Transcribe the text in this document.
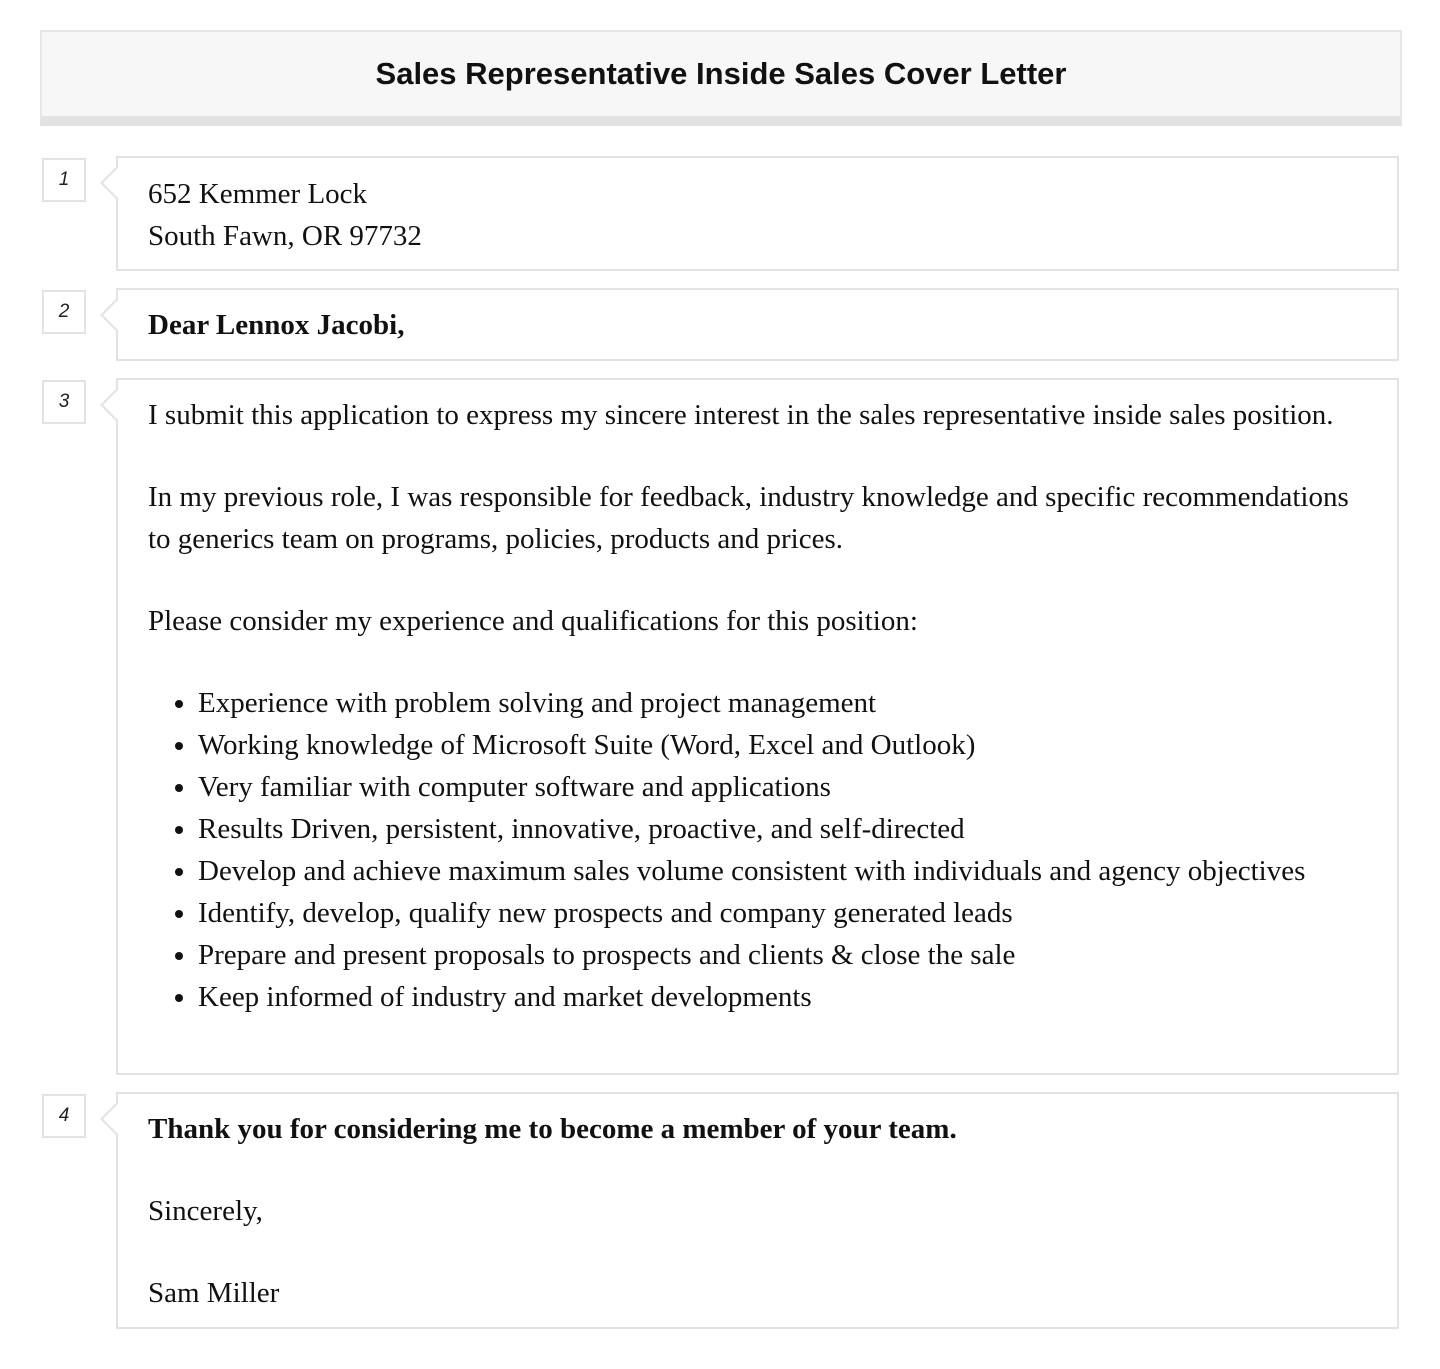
Sales Representative Inside Sales Cover Letter
1	652 Kemmer Lock

South Fawn, OR 97732

2	Dear Lennox Jacobi,

3	I submit this application to express my sincere interest in the sales representative inside sales position.

In my previous role, I was responsible for feedback, industry knowledge and specific recommendations to generics team on programs, policies, products and prices.

Please consider my experience and qualifications for this position:

• Experience with problem solving and project management
• Working knowledge of Microsoft Suite (Word, Excel and Outlook)
• Very familiar with computer software and applications
• Results Driven, persistent, innovative, proactive, and self-directed
• Develop and achieve maximum sales volume consistent with individuals and agency objectives
• Identify, develop, qualify new prospects and company generated leads
• Prepare and present proposals to prospects and clients & close the sale
• Keep informed of industry and market developments
4	Thank you for considering me to become a member of your team.

Sincerely,

Sam Miller
